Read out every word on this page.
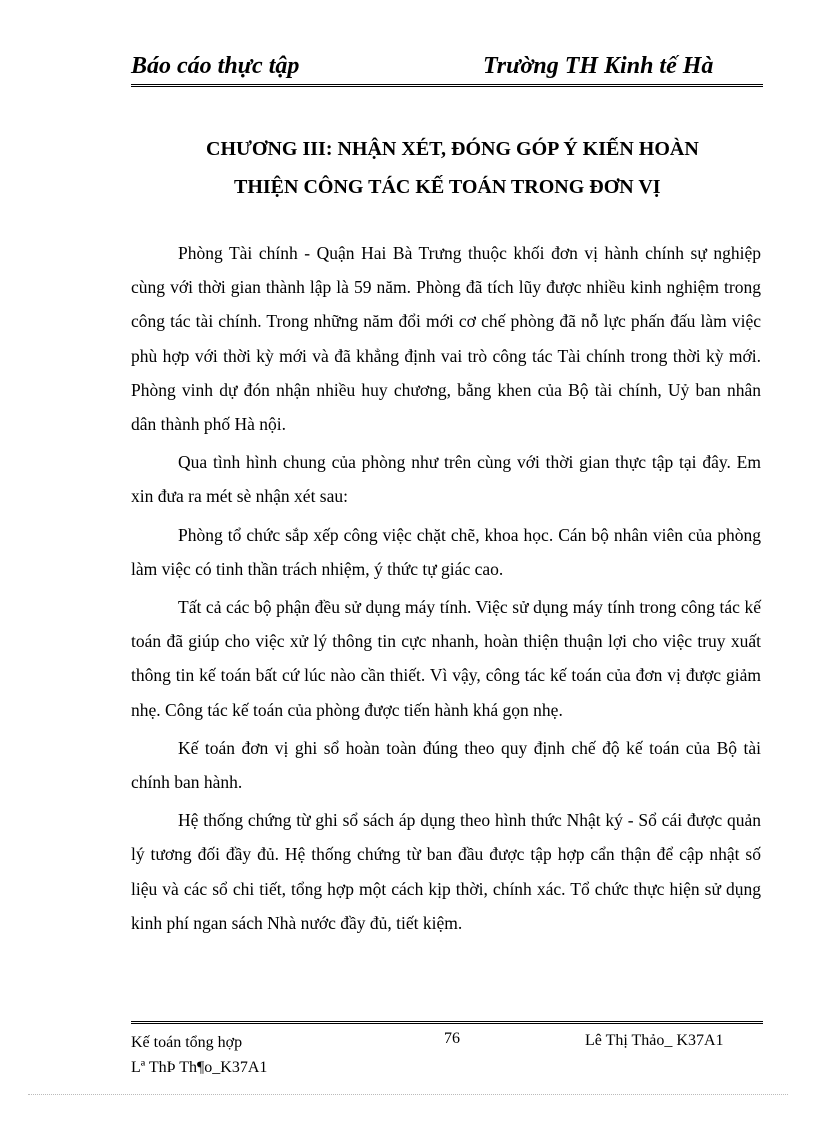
Báo cáo thực tập	Trường TH Kinh tế Hà
CHƯƠNG III: NHẬN XÉT, ĐÓNG GÓP Ý KIẾN HOÀN
THIỆN CÔNG TÁC KẾ TOÁN TRONG ĐƠN VỊ

Phòng Tài chính - Quận Hai Bà Trưng thuộc khối đơn vị hành chính sự nghiệp cùng với thời gian thành lập là 59 năm. Phòng đã tích lũy được nhiều kinh nghiệm trong công tác tài chính. Trong những năm đổi mới cơ chế phòng đã nỗ lực phấn đấu làm việc phù hợp với thời kỳ mới và đã khẳng định vai trò công tác Tài chính trong thời kỳ mới. Phòng vinh dự đón nhận nhiều huy chương, bằng khen của Bộ tài chính, Uỷ ban nhân dân thành phố Hà nội.

Qua tình hình chung của phòng như trên cùng với thời gian thực tập tại đây. Em xin đưa ra mét sè nhận xét sau:

Phòng tổ chức sắp xếp công việc chặt chẽ, khoa học. Cán bộ nhân viên của phòng làm việc có tinh thần trách nhiệm, ý thức tự giác cao.

Tất cả các bộ phận đều sử dụng máy tính. Việc sử dụng máy tính trong công tác kế toán đã giúp cho việc xử lý thông tin cực nhanh, hoàn thiện thuận lợi cho việc truy xuất thông tin kế toán bất cứ lúc nào cần thiết. Vì vậy, công tác kế toán của đơn vị được giảm nhẹ. Công tác kế toán của phòng được tiến hành khá gọn nhẹ.

Kế toán đơn vị ghi sổ hoàn toàn đúng theo quy định chế độ kế toán của Bộ tài chính ban hành.

Hệ thống chứng từ ghi sổ sách áp dụng theo hình thức Nhật ký - Sổ cái được quản lý tương đối đầy đủ. Hệ thống chứng từ ban đầu được tập hợp cẩn thận để cập nhật số liệu và các sổ chi tiết, tổng hợp một cách kịp thời, chính xác. Tổ chức thực hiện sử dụng kinh phí ngan sách Nhà nước đầy đủ, tiết kiệm.

Kế toán tổng hợp
Lª ThÞ Th¶o_K37A1
76	Lê Thị Thảo_ K37A1
